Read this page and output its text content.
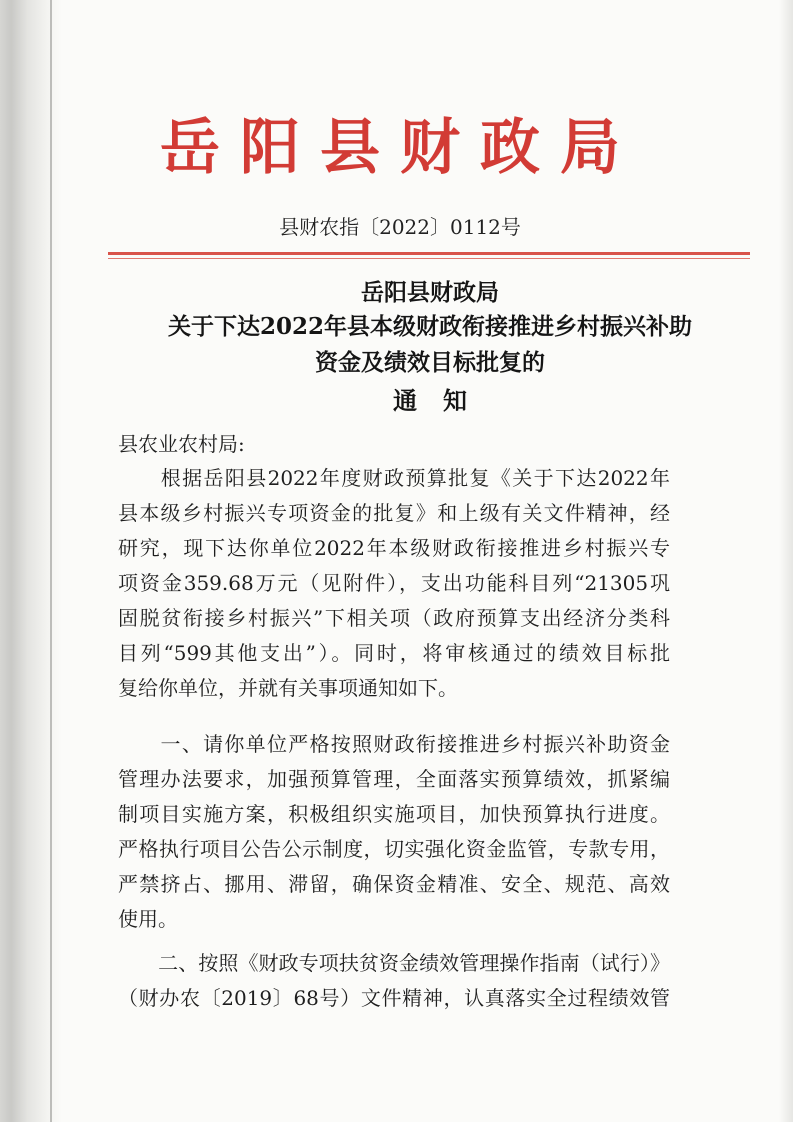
岳阳县财政局
县财农指〔2022〕0112号
岳阳县财政局
关于下达2022年县本级财政衔接推进乡村振兴补助
资金及绩效目标批复的
通知
县农业农村局:
　　根据岳阳县2022年度财政预算批复《关于下达2022年
县本级乡村振兴专项资金的批复》和上级有关文件精神，经
研究，现下达你单位2022年本级财政衔接推进乡村振兴专
项资金359.68万元（见附件），支出功能科目列“21305巩
固脱贫衔接乡村振兴”下相关项（政府预算支出经济分类科
目列“599其他支出”）。同时，将审核通过的绩效目标批
复给你单位，并就有关事项通知如下。
　　一、请你单位严格按照财政衔接推进乡村振兴补助资金
管理办法要求，加强预算管理，全面落实预算绩效，抓紧编
制项目实施方案，积极组织实施项目，加快预算执行进度。
严格执行项目公告公示制度，切实强化资金监管，专款专用，
严禁挤占、挪用、滞留，确保资金精准、安全、规范、高效
使用。
　　二、按照《财政专项扶贫资金绩效管理操作指南（试行）》
（财办农〔2019〕68号）文件精神，认真落实全过程绩效管
